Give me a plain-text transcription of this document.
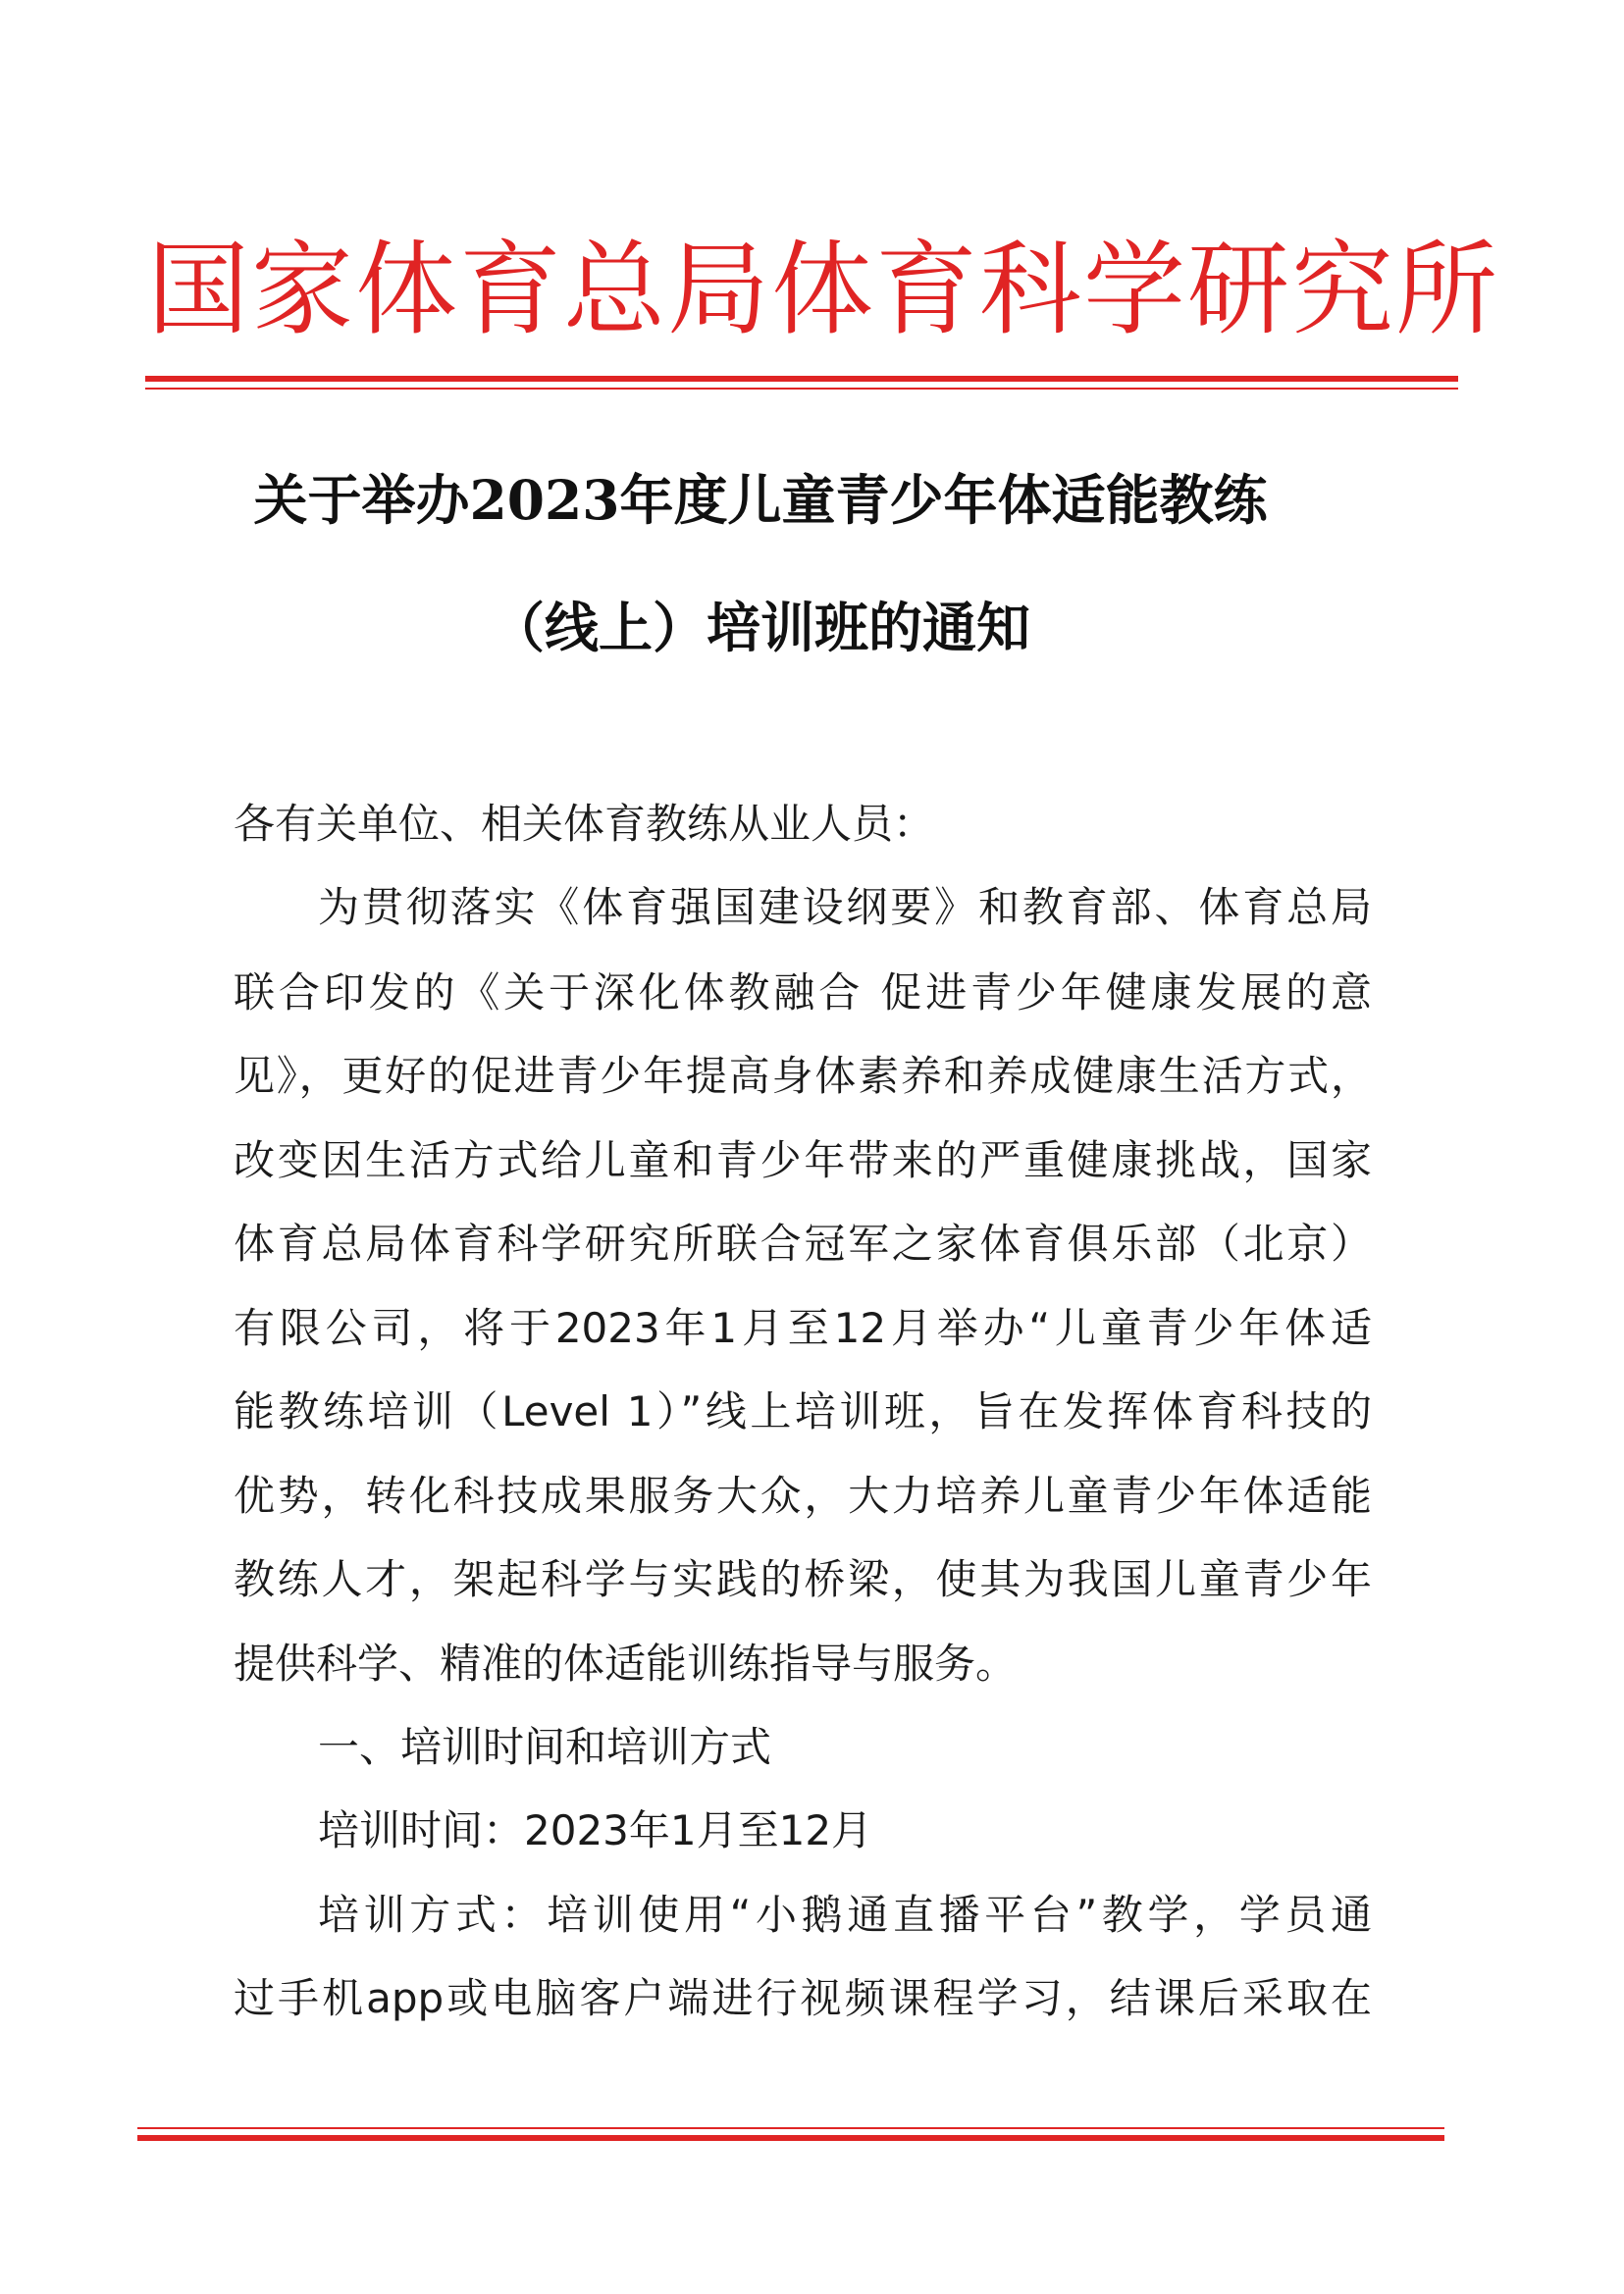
国家体育总局体育科学研究所
关于举办2023年度儿童青少年体适能教练
（线上）培训班的通知
各有关单位、相关体育教练从业人员：
为贯彻落实《体育强国建设纲要》和教育部、体育总局
联合印发的《关于深化体教融合 促进青少年健康发展的意
见》，更好的促进青少年提高身体素养和养成健康生活方式，
改变因生活方式给儿童和青少年带来的严重健康挑战，国家
体育总局体育科学研究所联合冠军之家体育俱乐部（北京）
有限公司，将于2023年1月至12月举办“儿童青少年体适
能教练培训（Level 1）”线上培训班，旨在发挥体育科技的
优势，转化科技成果服务大众，大力培养儿童青少年体适能
教练人才，架起科学与实践的桥梁，使其为我国儿童青少年
提供科学、精准的体适能训练指导与服务。
一、培训时间和培训方式
培训时间：2023年1月至12月
培训方式：培训使用“小鹅通直播平台”教学，学员通
过手机app或电脑客户端进行视频课程学习，结课后采取在
